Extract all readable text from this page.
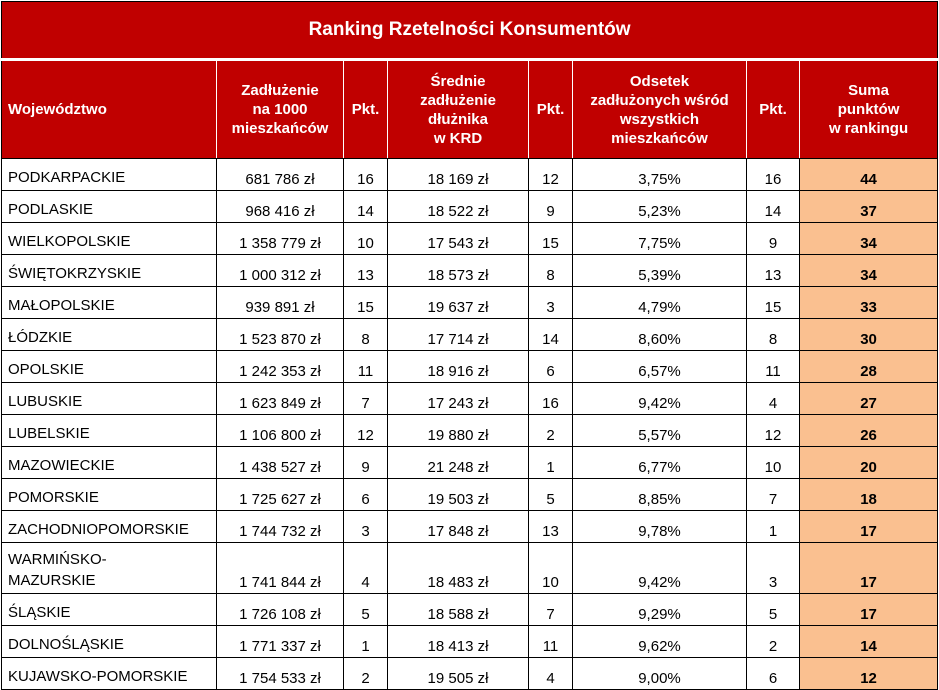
Ranking Rzetelności Konsumentów							
Województwo	Zadłużenie
na 1000
mieszkańców	Pkt.	Średnie
zadłużenie
dłużnika
w KRD	Pkt.	Odsetek
zadłużonych wśród
wszystkich
mieszkańców	Pkt.	Suma
punktów
w rankingu
PODKARPACKIE	681 786 zł	16	18 169 zł	12	3,75%	16	44
PODLASKIE	968 416 zł	14	18 522 zł	9	5,23%	14	37
WIELKOPOLSKIE	1 358 779 zł	10	17 543 zł	15	7,75%	9	34
ŚWIĘTOKRZYSKIE	1 000 312 zł	13	18 573 zł	8	5,39%	13	34
MAŁOPOLSKIE	939 891 zł	15	19 637 zł	3	4,79%	15	33
ŁÓDZKIE	1 523 870 zł	8	17 714 zł	14	8,60%	8	30
OPOLSKIE	1 242 353 zł	11	18 916 zł	6	6,57%	11	28
LUBUSKIE	1 623 849 zł	7	17 243 zł	16	9,42%	4	27
LUBELSKIE	1 106 800 zł	12	19 880 zł	2	5,57%	12	26
MAZOWIECKIE	1 438 527 zł	9	21 248 zł	1	6,77%	10	20
POMORSKIE	1 725 627 zł	6	19 503 zł	5	8,85%	7	18
ZACHODNIOPOMORSKIE	1 744 732 zł	3	17 848 zł	13	9,78%	1	17
WARMIŃSKO-
MAZURSKIE	1 741 844 zł	4	18 483 zł	10	9,42%	3	17
ŚLĄSKIE	1 726 108 zł	5	18 588 zł	7	9,29%	5	17
DOLNOŚLĄSKIE	1 771 337 zł	1	18 413 zł	11	9,62%	2	14
KUJAWSKO-POMORSKIE	1 754 533 zł	2	19 505 zł	4	9,00%	6	12
